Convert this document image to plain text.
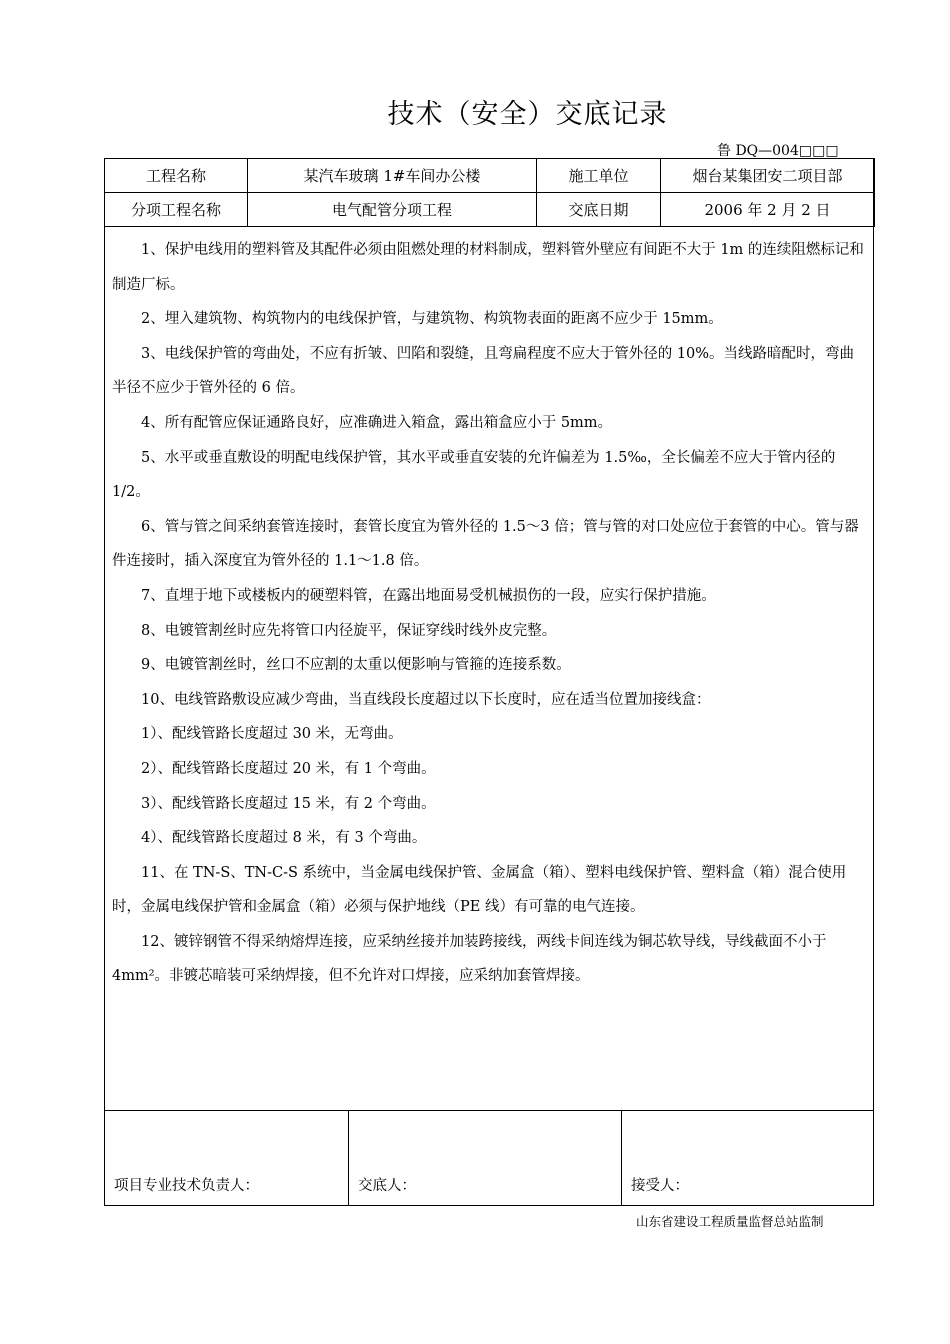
技术（安全）交底记录
鲁 DQ—004□□□
工程名称	某汽车玻璃 1#车间办公楼	施工单位	烟台某集团安二项目部
分项工程名称	电气配管分项工程	交底日期	2006 年 2 月 2 日

1、保护电线用的塑料管及其配件必须由阻燃处理的材料制成，塑料管外壁应有间距不大于 1m 的连续阻燃标记和制造厂标。

2、埋入建筑物、构筑物内的电线保护管，与建筑物、构筑物表面的距离不应少于 15mm。

3、电线保护管的弯曲处，不应有折皱、凹陷和裂缝，且弯扁程度不应大于管外径的 10%。当线路暗配时，弯曲半径不应少于管外径的 6 倍。

4、所有配管应保证通路良好，应准确进入箱盒，露出箱盒应小于 5mm。

5、水平或垂直敷设的明配电线保护管，其水平或垂直安装的允许偏差为 1.5‰，全长偏差不应大于管内径的 1/2。

6、管与管之间采纳套管连接时，套管长度宜为管外径的 1.5～3 倍；管与管的对口处应位于套管的中心。管与器件连接时，插入深度宜为管外径的 1.1～1.8 倍。

7、直埋于地下或楼板内的硬塑料管，在露出地面易受机械损伤的一段，应实行保护措施。

8、电镀管割丝时应先将管口内径旋平，保证穿线时线外皮完整。

9、电镀管割丝时，丝口不应割的太重以便影响与管箍的连接系数。

10、电线管路敷设应减少弯曲，当直线段长度超过以下长度时，应在适当位置加接线盒：

1）、配线管路长度超过 30 米，无弯曲。

2）、配线管路长度超过 20 米，有 1 个弯曲。

3）、配线管路长度超过 15 米，有 2 个弯曲。

4）、配线管路长度超过 8 米，有 3 个弯曲。

11、在 TN-S、TN-C-S 系统中，当金属电线保护管、金属盒（箱）、塑料电线保护管、塑料盒（箱）混合使用时，金属电线保护管和金属盒（箱）必须与保护地线（PE 线）有可靠的电气连接。

12、镀锌钢管不得采纳熔焊连接，应采纳丝接并加装跨接线，两线卡间连线为铜芯软导线，导线截面不小于 4mm²。非镀芯暗装可采纳焊接，但不允许对口焊接，应采纳加套管焊接。

项目专业技术负责人：	交底人：	接受人：
山东省建设工程质量监督总站监制
